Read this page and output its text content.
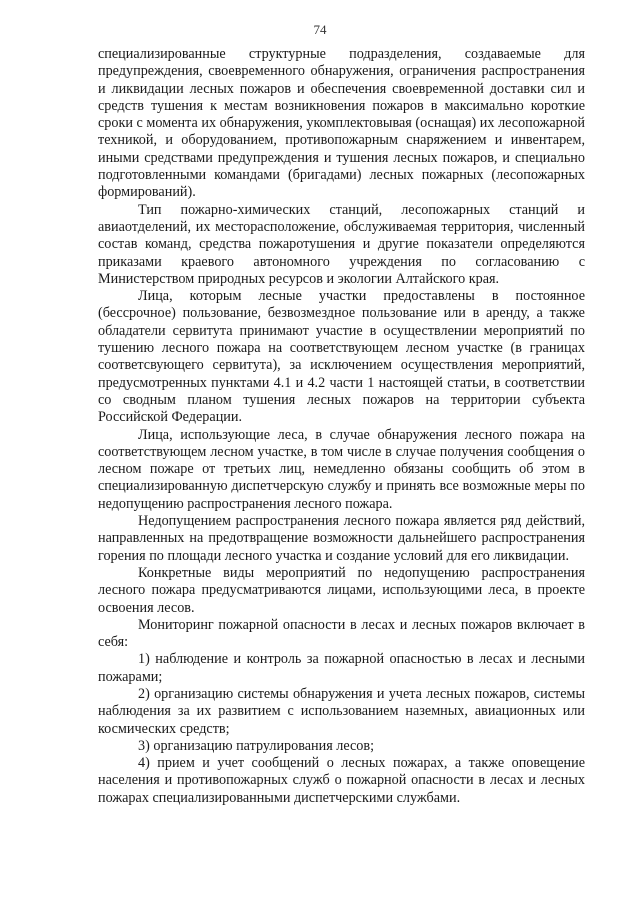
74

специализированные структурные подразделения, создаваемые для предупреждения, своевременного обнаружения, ограничения распространения и ликвидации лесных пожаров и обеспечения своевременной доставки сил и средств тушения к местам возникновения пожаров в максимально короткие сроки с момента их обнаружения, укомплектовывая (оснащая) их лесопожарной техникой, и оборудованием, противопожарным снаряжением и инвентарем, иными средствами предупреждения и тушения лесных пожаров, и специально подготовленными командами (бригадами) лесных пожарных (лесопожарных формирований).

Тип пожарно-химических станций, лесопожарных станций и авиаотделений, их месторасположение, обслуживаемая территория, численный состав команд, средства пожаротушения и другие показатели определяются приказами краевого автономного учреждения по согласованию с Министерством природных ресурсов и экологии Алтайского края.

Лица, которым лесные участки предоставлены в постоянное (бессрочное) пользование, безвозмездное пользование или в аренду, а также обладатели сервитута принимают участие в осуществлении мероприятий по тушению лесного пожара на соответствующем лесном участке (в границах соответсвующего сервитута), за исключением осуществления мероприятий, предусмотренных пунктами 4.1 и 4.2 части 1 настоящей статьи, в соответствии со сводным планом тушения лесных пожаров на территории субъекта Российской Федерации.

Лица, использующие леса, в случае обнаружения лесного пожара на соответствующем лесном участке, в том числе в случае получения сообщения о лесном пожаре от третьих лиц, немедленно обязаны сообщить об этом в специализированную диспетчерскую службу и принять все возможные меры по недопущению распространения лесного пожара.

Недопущением распространения лесного пожара является ряд действий, направленных на предотвращение возможности дальнейшего распространения горения по площади лесного участка и создание условий для его ликвидации.

Конкретные виды мероприятий по недопущению распространения лесного пожара предусматриваются лицами, использующими леса, в проекте освоения лесов.

Мониторинг пожарной опасности в лесах и лесных пожаров включает в себя:

1) наблюдение и контроль за пожарной опасностью в лесах и лесными пожарами;

2) организацию системы обнаружения и учета лесных пожаров, системы наблюдения за их развитием с использованием наземных, авиационных или космических средств;

3) организацию патрулирования лесов;

4) прием и учет сообщений о лесных пожарах, а также оповещение населения и противопожарных служб о пожарной опасности в лесах и лесных пожарах специализированными диспетчерскими службами.
